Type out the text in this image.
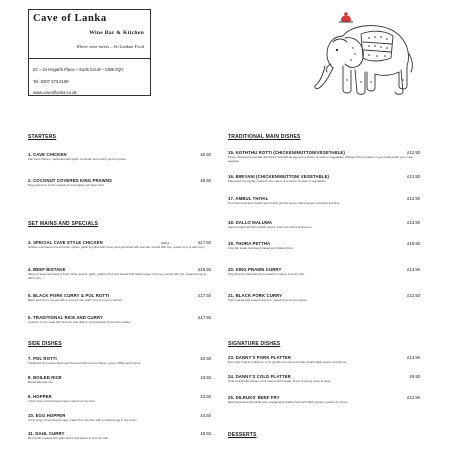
Cave of Lanka

Wine Bar & Kitchen

Where wine meets – Sri Lankan Food

22 – 24 Hogarth Place – Earls Court – SW5 0QY
Tel: 0207 373 6180
www.caveoflanka.co.uk

STARTERS

1. CAVE CHICKEN	£6.50
Pan-fried chicken, marinated with garlic, coriander and freshly ground spices.
2. COCONUT COVERED KING PRAWNS	£8.50
King prawns in a rich roasted coconut batter and deep fried.

SET MAINS AND SPECIALS

3. SPECIAL CAVE STYLE CHICKEN	(half a	£17.50
chicken marinated in fresh herbs, spices, garlic & grilled with honey and garnished with sea salt, served with rice, potato curry & dahl curry.
4. BEEF BISTAKE	£19.50
Slices of beef marinated in fresh herbs, spices, garlic, shallow fried and tossed with black pepper & honey, served with rice, seasonal veg & dahl curry.
5. BLACK PORK CURRY & POL ROTTI	£17.50
Black pork Curry served with a coconut rotti, dahl curry & coconut sambol.
6. TRADITIONAL RICE AND CURRY	£17.50
A choice of one meat dish and two side dishes, accompanied by an onion salad.

SIDE DISHES

7. POL ROTTI	£2.50
Traditional Sri Lankan flat bread flavoured with coconut flakes, green chillies and onions.
8. BOILED RICE	£3.50
Boiled Basmati rice.
9. HOPPER	£3.50
A thin crispy bowl shaped crepe made from rice flour.
10. EGG HOPPER	£4.50
A thin crispy bowl shaped crepe made from rice flour with a cracked egg in the centre.
11. DAHL CURRY	£5.50
Red lentils cooked with garlic herbs and spices in coconut milk.

TRADITIONAL MAIN DISHES

15. KOTHTHU ROTTI (CHICKEN/MUTTON/VEGETABLE)	£12.50
Finely chopped homemade flat bread fried with an egg and a choice of meat or vegetables. (Please inform a waiter if you would prefer your meal eggless).
16. BIRIYANI (CHICKEN/MUTTON/ VEGETABLE)	£12.50
Flavoured rice freshly cooked in the sauce of a choice of meat or vegetables.
17. AMBUL THIYAL	£12.50
Tuna fish dried and cooked with freshly ground spices, black pepper, tamarind and lime.
18. DALLO MALUWA	£13.50
Squid cooked with Sri Lankan spices, fresh cut onions and lemon.
19. THORA PETTHA	£16.50
King fish steak marinated, baked and shallow fried.
20. KING PRAWN CURRY	£14.50
King Prawns marinated and cooked in creamy coconut milk.
21. BLACK PORK CURRY	£12.50
Pork cooked with roasted raw rice, grated coconut and spices.

SIGNATURE DISHES

23. DANNY'S PORK PLATTER	£14.50
Pork belly fried & cooked on a hot griddle pan and a sprinkle of salt, black pepper and lemon.
24. DANNY'S COLD PLATTER	£9.50
Cold mozzarella cheese cut & tossed with tomato, lemon & spring onion to taste.
25. DILRUKS' BEEF FRY	£12.50
Beef marinated with white wine vinegar and shallow fried with black pepper, powder & onions.

DESSERTS
